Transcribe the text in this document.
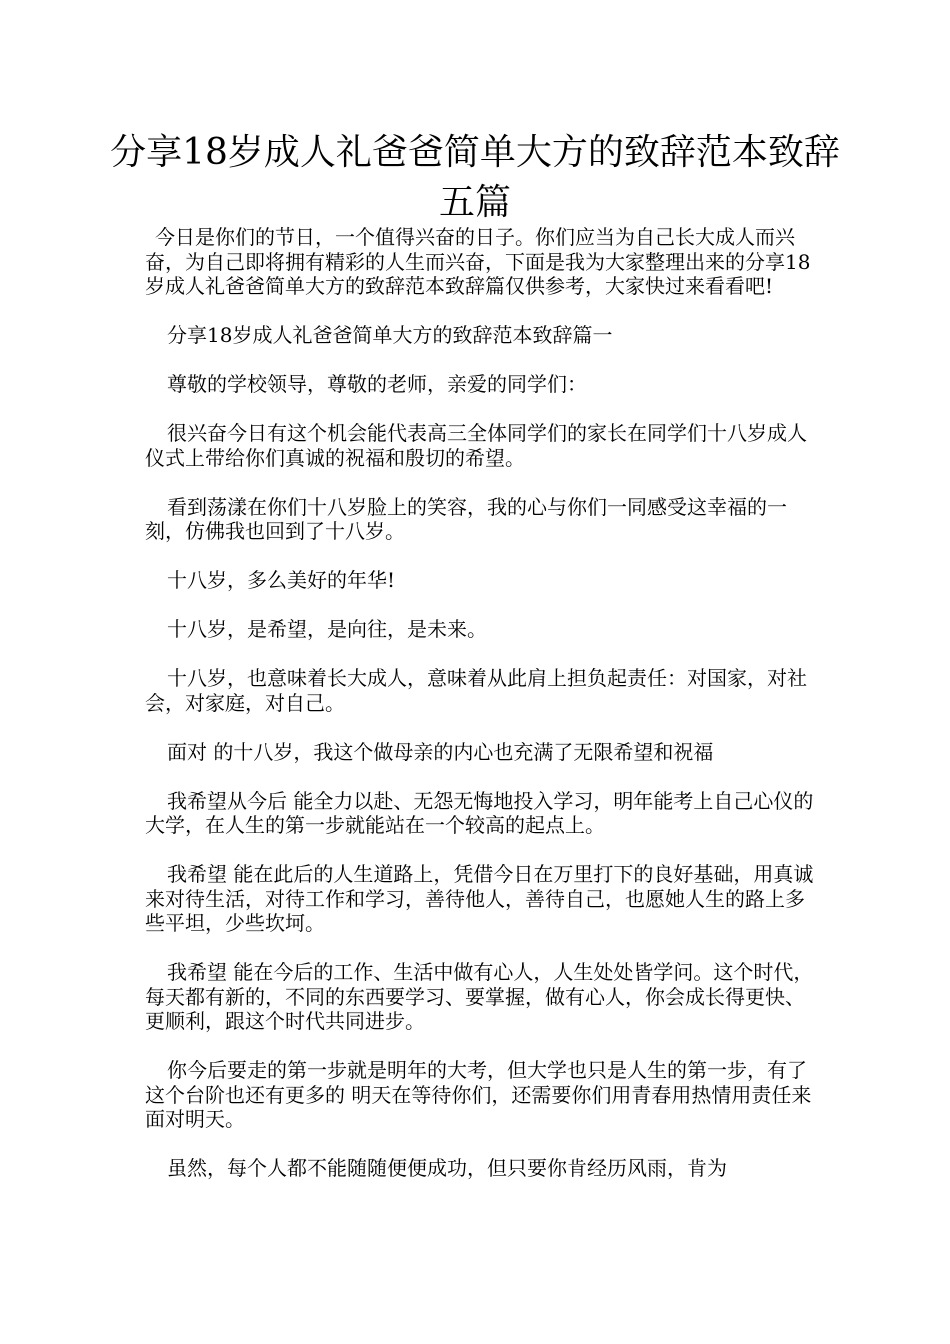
分享18岁成人礼爸爸简单大方的致辞范本致辞五篇

今日是你们的节日，一个值得兴奋的日子。你们应当为自己长大成人而兴奋，为自己即将拥有精彩的人生而兴奋，下面是我为大家整理出来的分享18岁成人礼爸爸简单大方的致辞范本致辞篇仅供参考，大家快过来看看吧!

分享18岁成人礼爸爸简单大方的致辞范本致辞篇一

尊敬的学校领导，尊敬的老师，亲爱的同学们：

很兴奋今日有这个机会能代表高三全体同学们的家长在同学们十八岁成人仪式上带给你们真诚的祝福和殷切的希望。

看到荡漾在你们十八岁脸上的笑容，我的心与你们一同感受这幸福的一刻，仿佛我也回到了十八岁。

十八岁，多么美好的年华!

十八岁，是希望，是向往，是未来。

十八岁，也意味着长大成人，意味着从此肩上担负起责任：对国家，对社会，对家庭，对自己。

面对 的十八岁，我这个做母亲的内心也充满了无限希望和祝福

我希望从今后 能全力以赴、无怨无悔地投入学习，明年能考上自己心仪的大学，在人生的第一步就能站在一个较高的起点上。

我希望 能在此后的人生道路上，凭借今日在万里打下的良好基础，用真诚来对待生活，对待工作和学习，善待他人，善待自己，也愿她人生的路上多些平坦，少些坎坷。

我希望 能在今后的工作、生活中做有心人，人生处处皆学问。这个时代，每天都有新的，不同的东西要学习、要掌握，做有心人，你会成长得更快、更顺利，跟这个时代共同进步。

你今后要走的第一步就是明年的大考，但大学也只是人生的第一步，有了这个台阶也还有更多的 明天在等待你们，还需要你们用青春用热情用责任来面对明天。

虽然，每个人都不能随随便便成功，但只要你肯经历风雨，肯为
